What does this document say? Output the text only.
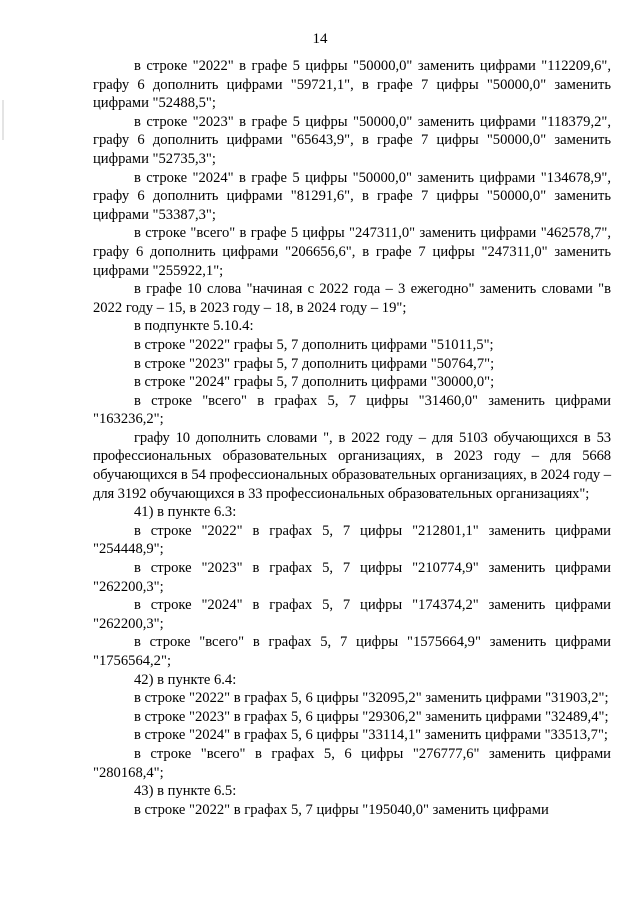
14

в строке "2022" в графе 5 цифры "50000,0" заменить цифрами "112209,6", графу 6 дополнить цифрами "59721,1", в графе 7 цифры "50000,0" заменить цифрами "52488,5";

в строке "2023" в графе 5 цифры "50000,0" заменить цифрами "118379,2", графу 6 дополнить цифрами "65643,9", в графе 7 цифры "50000,0" заменить цифрами "52735,3";

в строке "2024" в графе 5 цифры "50000,0" заменить цифрами "134678,9", графу 6 дополнить цифрами "81291,6", в графе 7 цифры "50000,0" заменить цифрами "53387,3";

в строке "всего" в графе 5 цифры "247311,0" заменить цифрами "462578,7", графу 6 дополнить цифрами "206656,6", в графе 7 цифры "247311,0" заменить цифрами "255922,1";

в графе 10 слова "начиная с 2022 года – 3 ежегодно" заменить словами "в 2022 году – 15, в 2023 году – 18, в 2024 году – 19";

в подпункте 5.10.4:

в строке "2022" графы 5, 7 дополнить цифрами "51011,5";

в строке "2023" графы 5, 7 дополнить цифрами "50764,7";

в строке "2024" графы 5, 7 дополнить цифрами "30000,0";

в строке "всего" в графах 5, 7 цифры "31460,0" заменить цифрами "163236,2";

графу 10 дополнить словами ", в 2022 году – для 5103 обучающихся в 53 профессиональных образовательных организациях, в 2023 году – для 5668 обучающихся в 54 профессиональных образовательных организациях, в 2024 году – для 3192 обучающихся в 33 профессиональных образовательных организациях";

41) в пункте 6.3:

в строке "2022" в графах 5, 7 цифры "212801,1" заменить цифрами "254448,9";

в строке "2023" в графах 5, 7 цифры "210774,9" заменить цифрами "262200,3";

в строке "2024" в графах 5, 7 цифры "174374,2" заменить цифрами "262200,3";

в строке "всего" в графах 5, 7 цифры "1575664,9" заменить цифрами "1756564,2";

42) в пункте 6.4:

в строке "2022" в графах 5, 6 цифры "32095,2" заменить цифрами "31903,2";

в строке "2023" в графах 5, 6 цифры "29306,2" заменить цифрами "32489,4";

в строке "2024" в графах 5, 6 цифры "33114,1" заменить цифрами "33513,7";

в строке "всего" в графах 5, 6 цифры "276777,6" заменить цифрами "280168,4";

43) в пункте 6.5:

в строке "2022" в графах 5, 7 цифры "195040,0" заменить цифрами
